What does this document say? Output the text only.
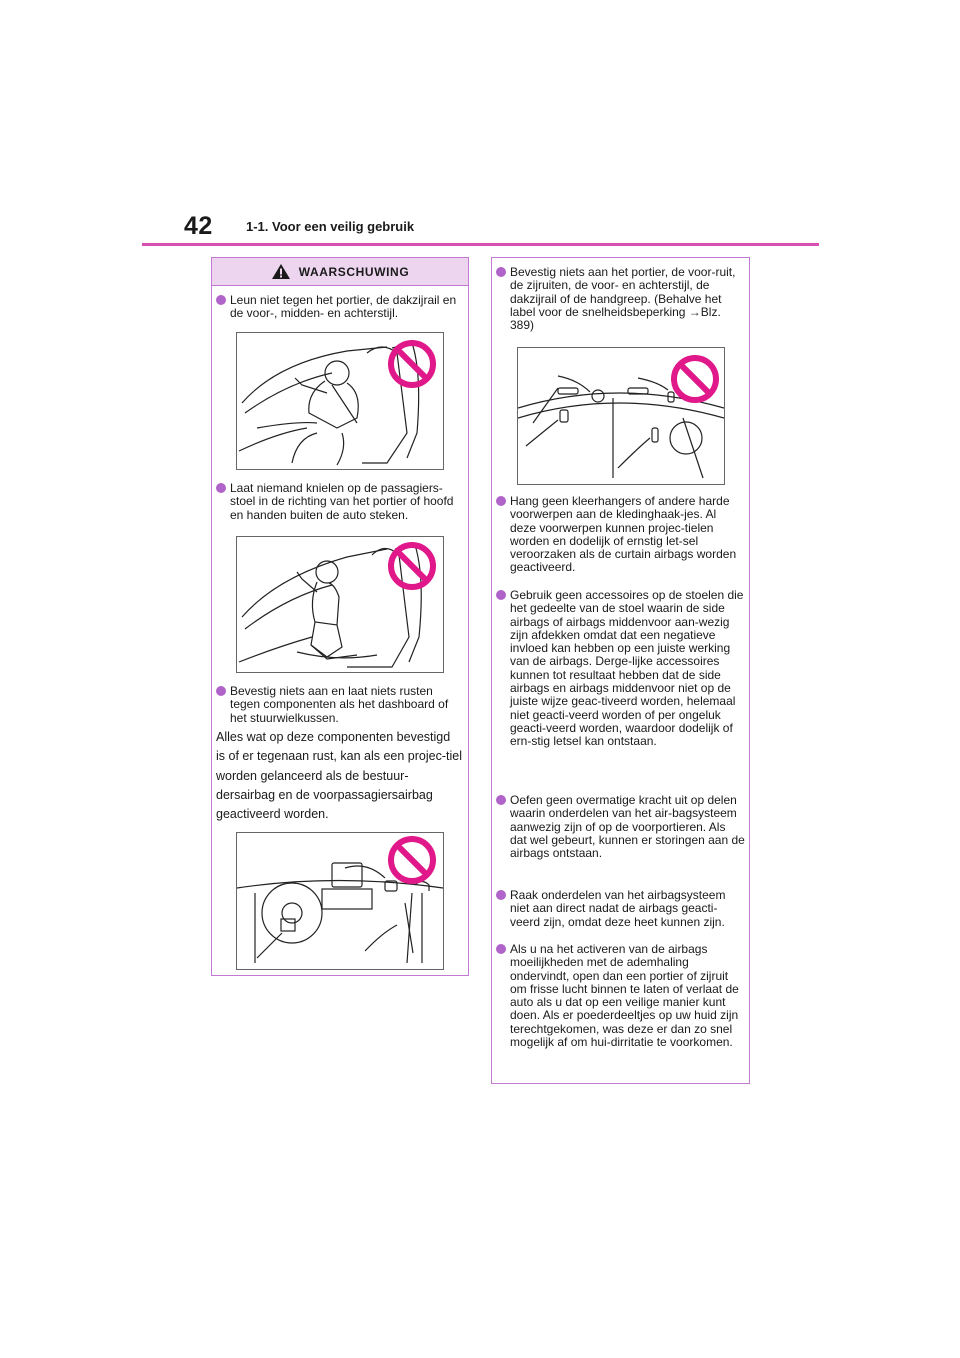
42	1-1. Voor een veilig gebruik
WAARSCHUWING
Leun niet tegen het portier, de dakzijrail en de voor-, midden- en achterstijl.
Laat niemand knielen op de passagiers-stoel in de richting van het portier of hoofd en handen buiten de auto steken.
Bevestig niets aan en laat niets rusten tegen componenten als het dashboard of het stuurwielkussen.
Alles wat op deze componenten bevestigd is of er tegenaan rust, kan als een projec-tiel worden gelanceerd als de bestuur-dersairbag en de voorpassagiersairbag geactiveerd worden.
Bevestig niets aan het portier, de voor-ruit, de zijruiten, de voor- en achterstijl, de dakzijrail of de handgreep. (Behalve het label voor de snelheidsbeperking →Blz. 389)
Hang geen kleerhangers of andere harde voorwerpen aan de kledinghaak-jes. Al deze voorwerpen kunnen projec-tielen worden en dodelijk of ernstig let-sel veroorzaken als de curtain airbags worden geactiveerd.
Gebruik geen accessoires op de stoelen die het gedeelte van de stoel waarin de side airbags of airbags middenvoor aan-wezig zijn afdekken omdat dat een negatieve invloed kan hebben op een juiste werking van de airbags. Derge-lijke accessoires kunnen tot resultaat hebben dat de side airbags en airbags middenvoor niet op de juiste wijze geac-tiveerd worden, helemaal niet geacti-veerd worden of per ongeluk geacti-veerd worden, waardoor dodelijk of ern-stig letsel kan ontstaan.
Oefen geen overmatige kracht uit op delen waarin onderdelen van het air-bagsysteem aanwezig zijn of op de voorportieren. Als dat wel gebeurt, kunnen er storingen aan de airbags ontstaan.
Raak onderdelen van het airbagsysteem niet aan direct nadat de airbags geacti-veerd zijn, omdat deze heet kunnen zijn.
Als u na het activeren van de airbags moeilijkheden met de ademhaling ondervindt, open dan een portier of zijruit om frisse lucht binnen te laten of verlaat de auto als u dat op een veilige manier kunt doen. Als er poederdeeltjes op uw huid zijn terechtgekomen, was deze er dan zo snel mogelijk af om hui-dirritatie te voorkomen.
